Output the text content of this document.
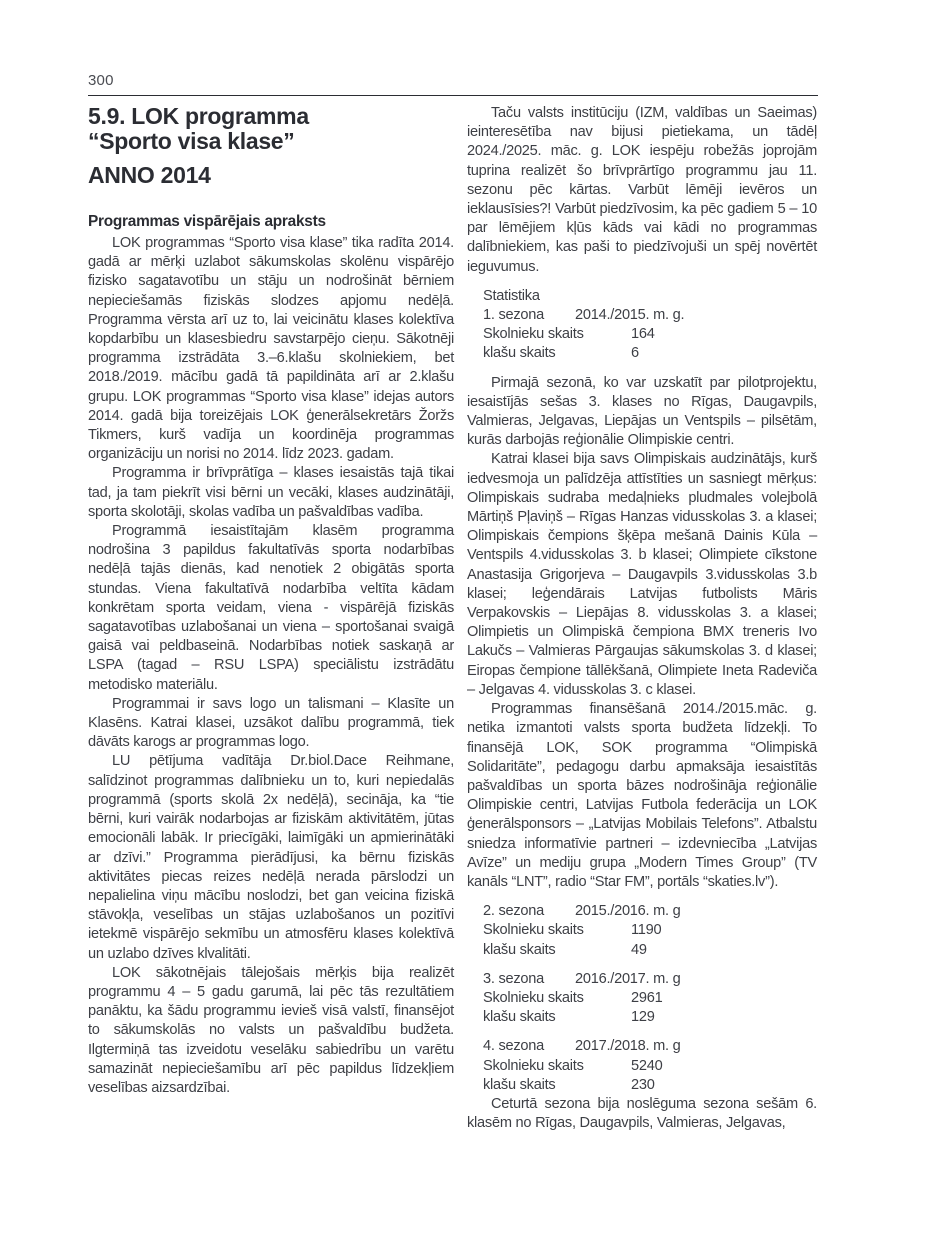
300
5.9. LOK programma
“Sporto visa klase”
ANNO 2014
Programmas vispārējais apraksts

LOK programmas “Sporto visa klase” tika radīta 2014. gadā ar mērķi uzlabot sākumskolas skolēnu vispārējo fizisko sagatavotību un stāju un nodrošināt bērniem nepieciešamās fiziskās slodzes apjomu nedēļā. Programma vērsta arī uz to, lai veicinātu klases kolektīva kopdarbību un klasesbiedru savstarpējo cieņu. Sākotnēji programma izstrādāta 3.–6.klašu skolniekiem, bet 2018./2019. mācību gadā tā papildināta arī ar 2.klašu grupu. LOK programmas “Sporto visa klase” idejas autors 2014. gadā bija toreizējais LOK ģenerālsekretārs Žoržs Tikmers, kurš vadīja un koordinēja programmas organizāciju un norisi no 2014. līdz 2023. gadam.

Programma ir brīvprātīga – klases iesaistās tajā tikai tad, ja tam piekrīt visi bērni un vecāki, klases audzinātāji, sporta skolotāji, skolas vadība un pašvaldības vadība.

Programmā iesaistītajām klasēm programma nodrošina 3 papildus fakultatīvās sporta nodarbības nedēļā tajās dienās, kad nenotiek 2 obigātās sporta stundas. Viena fakultatīvā nodarbība veltīta kādam konkrētam sporta veidam, viena - vispārējā fiziskās sagatavotības uzlabošanai un viena – sportošanai svaigā gaisā vai peldbaseinā. Nodarbības notiek saskaņā ar LSPA (tagad – RSU LSPA) speciālistu izstrādātu metodisko materiālu.

Programmai ir savs logo un talismani – Klasīte un Klasēns. Katrai klasei, uzsākot dalību programmā, tiek dāvāts karogs ar programmas logo.

LU pētījuma vadītāja Dr.biol.Dace Reihmane, salīdzinot programmas dalībnieku un to, kuri nepiedalās programmā (sports skolā 2x nedēļā), secināja, ka “tie bērni, kuri vairāk nodarbojas ar fiziskām aktivitātēm, jūtas emocionāli labāk. Ir priecīgāki, laimīgāki un apmierinātāki ar dzīvi.” Programma pierādījusi, ka bērnu fiziskās aktivitātes piecas reizes nedēļā nerada pārslodzi un nepalielina viņu mācību noslodzi, bet gan veicina fiziskā stāvokļa, veselības un stājas uzlabošanos un pozitīvi ietekmē vispārējo sekmību un atmosfēru klases kolektīvā un uzlabo dzīves klvalitāti.

LOK sākotnējais tālejošais mērķis bija realizēt programmu 4 – 5 gadu garumā, lai pēc tās rezultātiem panāktu, ka šādu programmu ievieš visā valstī, finansējot to sākumskolās no valsts un pašvaldību budžeta. Ilgtermiņā tas izveidotu veselāku sabiedrību un varētu samazināt nepieciešamību arī pēc papildus līdzekļiem veselības aizsardzībai.

Taču valsts institūciju (IZM, valdības un Saeimas) ieinteresētība nav bijusi pietiekama, un tādēļ 2024./2025. māc. g. LOK iespēju robežās joprojām tuprina realizēt šo brīvprārtīgo programmu jau 11. sezonu pēc kārtas. Varbūt lēmēji ievēros un ieklausīsies?! Varbūt piedzīvosim, ka pēc gadiem 5 – 10 par lēmējiem kļūs kāds vai kādi no programmas dalībniekiem, kas paši to piedzīvojuši un spēj novērtēt ieguvumus.

Statistika
1. sezona 2014./2015. m. g.
Skolnieku skaits	164
klašu skaits	6

Pirmajā sezonā, ko var uzskatīt par pilotprojektu, iesaistījās sešas 3. klases no Rīgas, Daugavpils, Valmieras, Jelgavas, Liepājas un Ventspils – pilsētām, kurās darbojās reģionālie Olimpiskie centri.

Katrai klasei bija savs Olimpiskais audzinātājs, kurš iedvesmoja un palīdzēja attīstīties un sasniegt mērķus: Olimpiskais sudraba medaļnieks pludmales volejbolā Mārtiņš Pļaviņš – Rīgas Hanzas vidusskolas 3. a klasei; Olimpiskais čempions šķēpa mešanā Dainis Kūla – Ventspils 4.vidusskolas 3. b klasei; Olimpiete cīkstone Anastasija Grigorjeva – Daugavpils 3.vidusskolas 3.b klasei; leģendārais Latvijas futbolists Māris Verpakovskis – Liepājas 8. vidusskolas 3. a klasei; Olimpietis un Olimpiskā čempiona BMX treneris Ivo Lakučs – Valmieras Pārgaujas sākumskolas 3. d klasei; Eiropas čempione tāllēkšanā, Olimpiete Ineta Radeviča – Jelgavas 4. vidusskolas 3. c klasei.

Programmas finansēšanā 2014./2015.māc. g. netika izmantoti valsts sporta budžeta līdzekļi. To finansējā LOK, SOK programma “Olimpiskā Solidaritāte”, pedagogu darbu apmaksāja iesaistītās pašvaldības un sporta bāzes nodrošināja reģionālie Olimpiskie centri, Latvijas Futbola federācija un LOK ģenerālsponsors – „Latvijas Mobilais Telefons”. Atbalstu sniedza informatīvie partneri – izdevniecība „Latvijas Avīze” un mediju grupa „Modern Times Group” (TV kanāls “LNT”, radio “Star FM”, portāls “skaties.lv”).

2. sezona 2015./2016. m. g
Skolnieku skaits	1190
klašu skaits	49
3. sezona 2016./2017. m. g
Skolnieku skaits	2961
klašu skaits	129
4. sezona 2017./2018. m. g
Skolnieku skaits	5240
klašu skaits	230

Ceturtā sezona bija noslēguma sezona sešām 6. klasēm no Rīgas, Daugavpils, Valmieras, Jelgavas,
